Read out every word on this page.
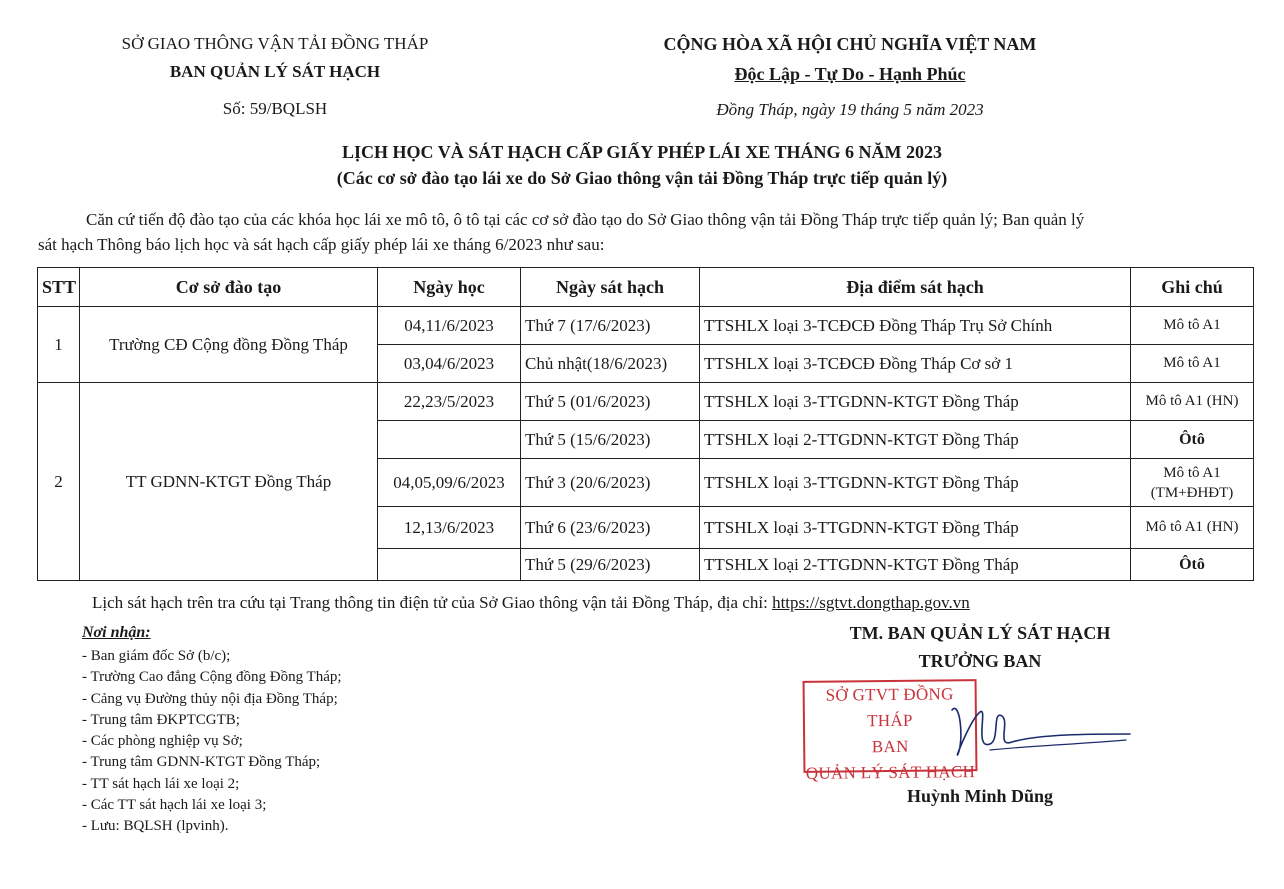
SỞ GIAO THÔNG VẬN TẢI ĐỒNG THÁP
BAN QUẢN LÝ SÁT HẠCH
Số: 59/BQLSH
CỘNG HÒA XÃ HỘI CHỦ NGHĨA VIỆT NAM
Độc Lập - Tự Do - Hạnh Phúc
Đồng Tháp, ngày 19 tháng 5 năm 2023
LỊCH HỌC VÀ SÁT HẠCH CẤP GIẤY PHÉP LÁI XE THÁNG 6 NĂM 2023
(Các cơ sở đào tạo lái xe do Sở Giao thông vận tải Đồng Tháp trực tiếp quản lý)
Căn cứ tiến độ đào tạo của các khóa học lái xe mô tô, ô tô tại các cơ sở đào tạo do Sở Giao thông vận tải Đồng Tháp trực tiếp quản lý; Ban quản lý
sát hạch Thông báo lịch học và sát hạch cấp giấy phép lái xe tháng 6/2023 như sau:
STT	Cơ sở đào tạo	Ngày học	Ngày sát hạch	Địa điểm sát hạch	Ghi chú
1	Trường CĐ Cộng đồng Đồng Tháp	04,11/6/2023	Thứ 7 (17/6/2023)	TTSHLX loại 3-TCĐCĐ Đồng Tháp Trụ Sở Chính	Mô tô A1
		03,04/6/2023	Chủ nhật(18/6/2023)	TTSHLX loại 3-TCĐCĐ Đồng Tháp Cơ sở 1	Mô tô A1
2	TT GDNN-KTGT Đồng Tháp	22,23/5/2023	Thứ 5 (01/6/2023)	TTSHLX loại 3-TTGDNN-KTGT Đồng Tháp	Mô tô A1 (HN)
			Thứ 5 (15/6/2023)	TTSHLX loại 2-TTGDNN-KTGT Đồng Tháp	Ôtô
		04,05,09/6/2023	Thứ 3 (20/6/2023)	TTSHLX loại 3-TTGDNN-KTGT Đồng Tháp	Mô tô A1
(TM+ĐHĐT)

		12,13/6/2023	Thứ 6 (23/6/2023)	TTSHLX loại 3-TTGDNN-KTGT Đồng Tháp	Mô tô A1 (HN)
			Thứ 5 (29/6/2023)	TTSHLX loại 2-TTGDNN-KTGT Đồng Tháp	Ôtô
Lịch sát hạch trên tra cứu tại Trang thông tin điện tử của Sở Giao thông vận tải Đồng Tháp, địa chỉ: https://sgtvt.dongthap.gov.vn
Nơi nhận:
- Ban giám đốc Sở (b/c);
- Trường Cao đẳng Cộng đồng Đồng Tháp;
- Cảng vụ Đường thủy nội địa Đồng Tháp;
- Trung tâm ĐKPTCGTB;
- Các phòng nghiệp vụ Sở;
- Trung tâm GDNN-KTGT Đồng Tháp;
- TT sát hạch lái xe loại 2;
- Các TT sát hạch lái xe loại 3;
- Lưu: BQLSH (lpvinh).
TM. BAN QUẢN LÝ SÁT HẠCH
TRƯỞNG BAN
SỞ GTVT ĐỒNG THÁP
BAN
QUẢN LÝ SÁT HẠCH
Huỳnh Minh Dũng
